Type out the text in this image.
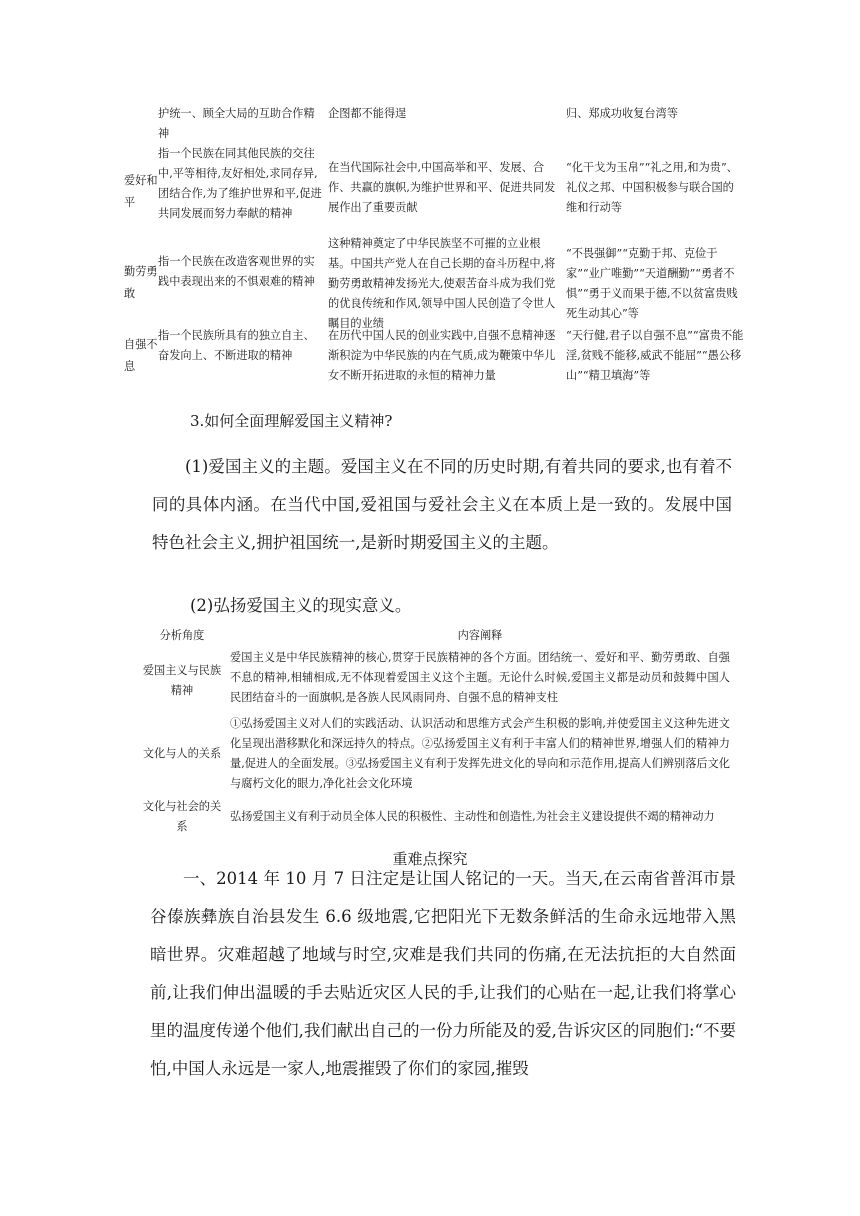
护统一、顾全大局的互助合作精神
企图都不能得逞	归、郑成功收复台湾等
爱好和平
指一个民族在同其他民族的交往中,平等相待,友好相处,求同存异,团结合作,为了维护世界和平,促进共同发展而努力奉献的精神
在当代国际社会中,中国高举和平、发展、合作、共赢的旗帜,为维护世界和平、促进共同发展作出了重要贡献
“化干戈为玉帛”“礼之用,和为贵”、礼仪之邦、中国积极参与联合国的维和行动等
勤劳勇敢
指一个民族在改造客观世界的实践中表现出来的不惧艰难的精神
这种精神奠定了中华民族坚不可摧的立业根基。中国共产党人在自己长期的奋斗历程中,将勤劳勇敢精神发扬光大,使艰苦奋斗成为我们党的优良传统和作风,领导中国人民创造了令世人瞩目的业绩
“不畏强御”“克勤于邦、克俭于家”“业广唯勤”“天道酬勤”“勇者不惧”“勇于义而果于德,不以贫富贵贱死生动其心”等
自强不息
指一个民族所具有的独立自主、奋发向上、不断进取的精神
在历代中国人民的创业实践中,自强不息精神逐渐积淀为中华民族的内在气质,成为鞭策中华儿女不断开拓进取的永恒的精神力量
“天行健,君子以自强不息”“富贵不能淫,贫贱不能移,威武不能屈”“愚公移山”“精卫填海”等
3.如何全面理解爱国主义精神?
(1)爱国主义的主题。爱国主义在不同的历史时期,有着共同的要求,也有着不同的具体内涵。在当代中国,爱祖国与爱社会主义在本质上是一致的。发展中国特色社会主义,拥护祖国统一,是新时期爱国主义的主题。
(2)弘扬爱国主义的现实意义。
分析角度	内容阐释
爱国主义与民族精神
爱国主义是中华民族精神的核心,贯穿于民族精神的各个方面。团结统一、爱好和平、勤劳勇敢、自强不息的精神,相辅相成,无不体现着爱国主义这个主题。无论什么时候,爱国主义都是动员和鼓舞中国人民团结奋斗的一面旗帜,是各族人民风雨同舟、自强不息的精神支柱
文化与人的关系
①弘扬爱国主义对人们的实践活动、认识活动和思维方式会产生积极的影响,并使爱国主义这种先进文化呈现出潜移默化和深远持久的特点。②弘扬爱国主义有利于丰富人们的精神世界,增强人们的精神力量,促进人的全面发展。③弘扬爱国主义有利于发挥先进文化的导向和示范作用,提高人们辨别落后文化与腐朽文化的眼力,净化社会文化环境
文化与社会的关系
弘扬爱国主义有利于动员全体人民的积极性、主动性和创造性,为社会主义建设提供不竭的精神动力
重难点探究
一、2014 年 10 月 7 日注定是让国人铭记的一天。当天,在云南省普洱市景谷傣族彝族自治县发生 6.6 级地震,它把阳光下无数条鲜活的生命永远地带入黑暗世界。灾难超越了地域与时空,灾难是我们共同的伤痛,在无法抗拒的大自然面前,让我们伸出温暖的手去贴近灾区人民的手,让我们的心贴在一起,让我们将掌心里的温度传递个他们,我们献出自己的一份力所能及的爱,告诉灾区的同胞们:“不要怕,中国人永远是一家人,地震摧毁了你们的家园,摧毁
